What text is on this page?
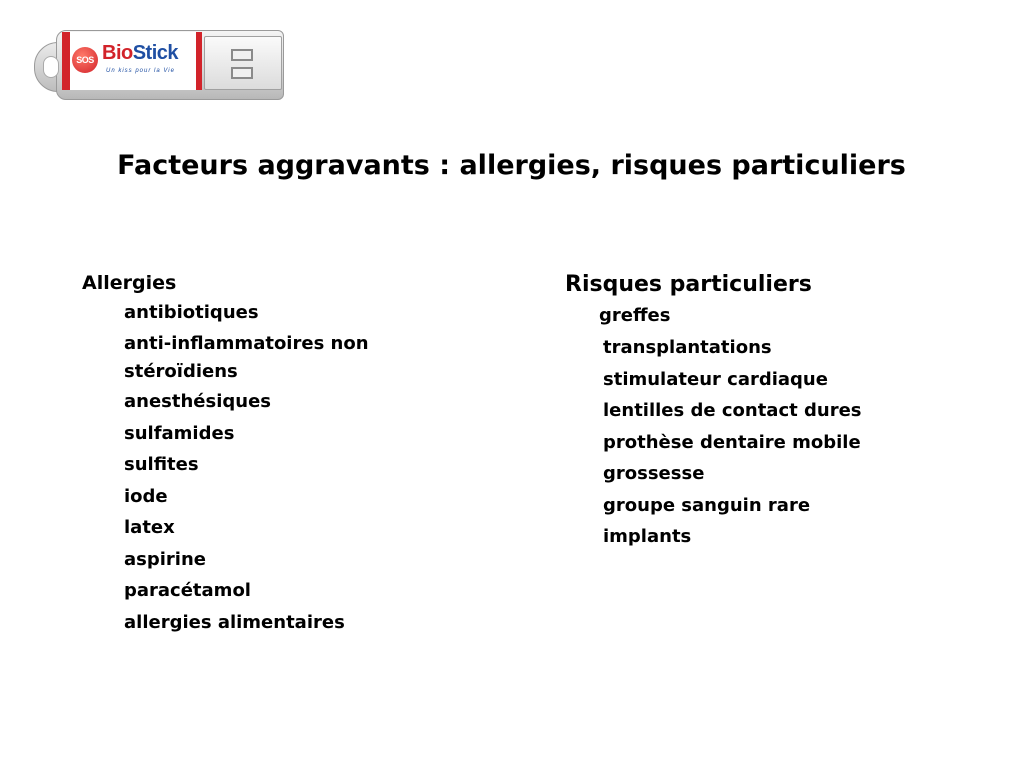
SOS BioStick
Un kiss pour la Vie
Facteurs aggravants : allergies, risques particuliers
Allergies
antibiotiques
anti-inflammatoires non stéroïdiens
anesthésiques
sulfamides
sulfites
iode
latex
aspirine
paracétamol
allergies alimentaires
Risques particuliers
greffes
transplantations
stimulateur cardiaque
lentilles de contact dures
prothèse dentaire mobile
grossesse
groupe sanguin rare
implants
